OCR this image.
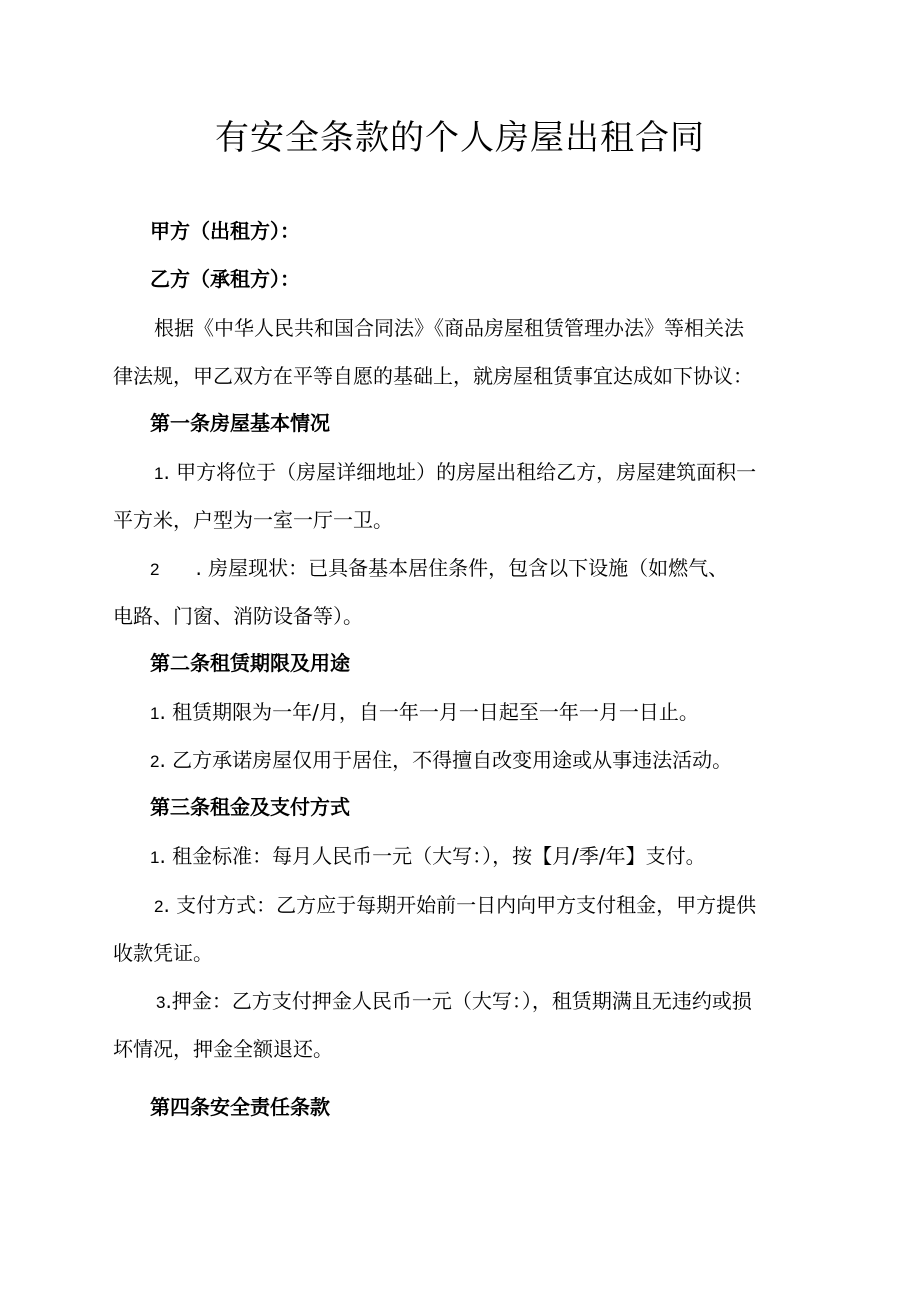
有安全条款的个人房屋出租合同

甲方（出租方）：

乙方（承租方）：

根据《中华人民共和国合同法》《商品房屋租赁管理办法》等相关法

律法规，甲乙双方在平等自愿的基础上，就房屋租赁事宜达成如下协议：

第一条房屋基本情况

1. 甲方将位于（房屋详细地址）的房屋出租给乙方，房屋建筑面积一

平方米，户型为一室一厅一卫。

2 . 房屋现状：已具备基本居住条件，包含以下设施（如燃气、

电路、门窗、消防设备等）。

第二条租赁期限及用途

1. 租赁期限为一年/月，自一年一月一日起至一年一月一日止。

2. 乙方承诺房屋仅用于居住，不得擅自改变用途或从事违法活动。

第三条租金及支付方式

1. 租金标准：每月人民币一元（大写：），按【月/季/年】支付。

2. 支付方式：乙方应于每期开始前一日内向甲方支付租金，甲方提供

收款凭证。

3.押金：乙方支付押金人民币一元（大写：），租赁期满且无违约或损

坏情况，押金全额退还。

第四条安全责任条款
